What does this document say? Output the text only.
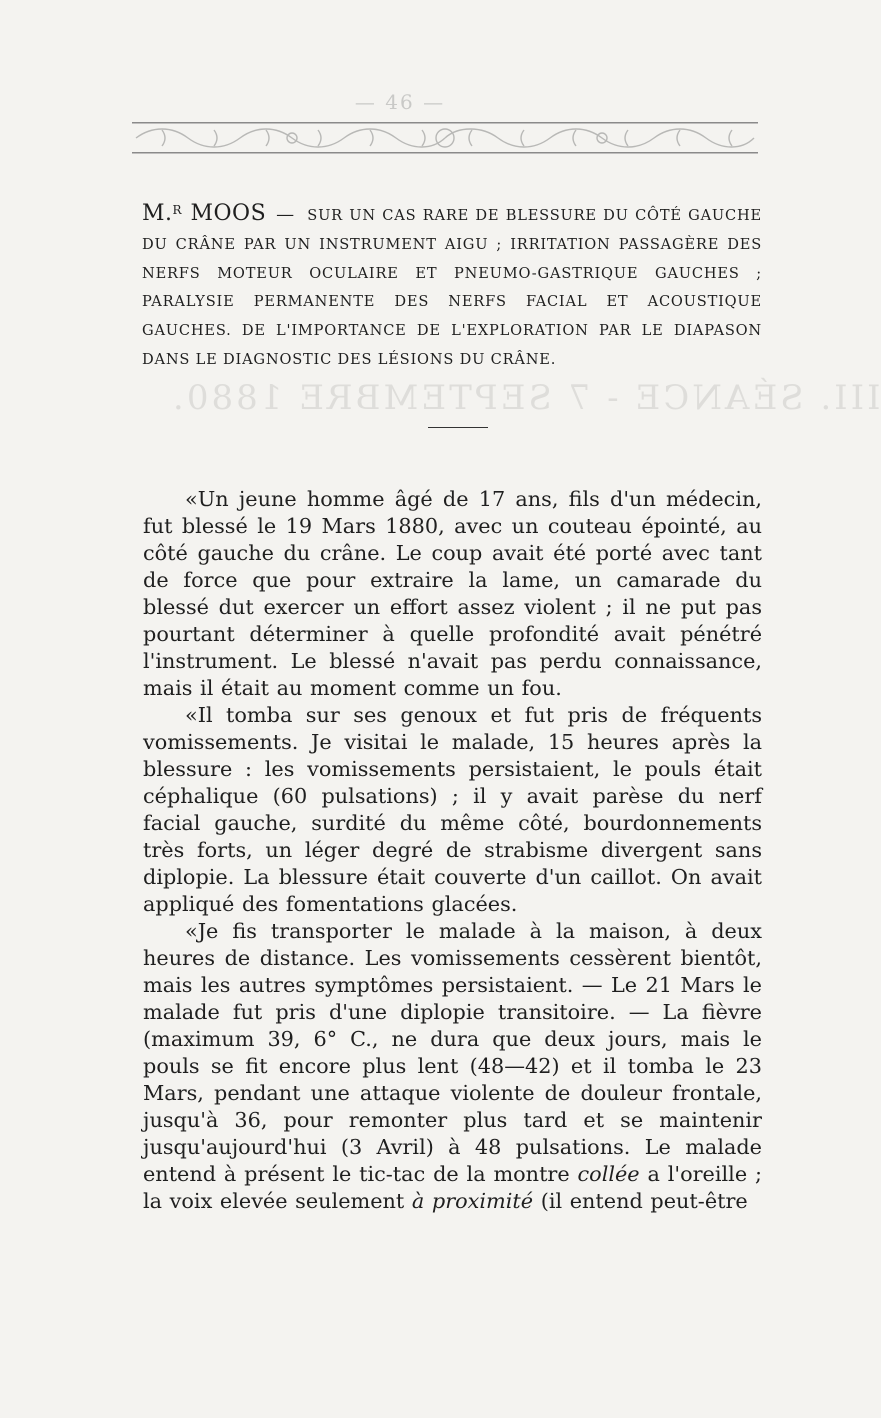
— 46 —
III. SÉANCE - 7 SEPTEMBRE 1880.
M.$^R$ MOOS — SUR UN CAS RARE DE BLESSURE DU CÔTÉ GAUCHE DU CRÂNE PAR UN INSTRUMENT AIGU ; IRRITATION PASSAGÈRE DES NERFS MOTEUR OCULAIRE ET PNEUMO-GASTRIQUE GAUCHES ; PARALYSIE PERMANENTE DES NERFS FACIAL ET ACOUSTIQUE GAUCHES. DE L'IMPORTANCE DE L'EXPLORATION PAR LE DIAPASON DANS LE DIAGNOSTIC DES LÉSIONS DU CRÂNE.

«Un jeune homme âgé de 17 ans, fils d'un médecin, fut blessé le 19 Mars 1880, avec un couteau épointé, au côté gauche du crâne. Le coup avait été porté avec tant de force que pour extraire la lame, un camarade du blessé dut exercer un effort assez violent ; il ne put pas pourtant déterminer à quelle profondité avait pénétré l'instrument. Le blessé n'avait pas perdu connaissance, mais il était au moment comme un fou.

«Il tomba sur ses genoux et fut pris de fréquents vomissements. Je visitai le malade, 15 heures après la blessure : les vomissements persistaient, le pouls était céphalique (60 pulsations) ; il y avait parèse du nerf facial gauche, surdité du même côté, bourdonnements très forts, un léger degré de strabisme divergent sans diplopie. La blessure était couverte d'un caillot. On avait appliqué des fomentations glacées.

«Je fis transporter le malade à la maison, à deux heures de distance. Les vomissements cessèrent bientôt, mais les autres symptômes persistaient. — Le 21 Mars le malade fut pris d'une diplopie transitoire. — La fièvre (maximum 39, 6° C., ne dura que deux jours, mais le pouls se fit encore plus lent (48—42) et il tomba le 23 Mars, pendant une attaque violente de douleur frontale, jusqu'à 36, pour remonter plus tard et se maintenir jusqu'aujourd'hui (3 Avril) à 48 pulsations. Le malade entend à présent le tic-tac de la montre collée a l'oreille ; la voix elevée seulement à proximité (il entend peut-être
